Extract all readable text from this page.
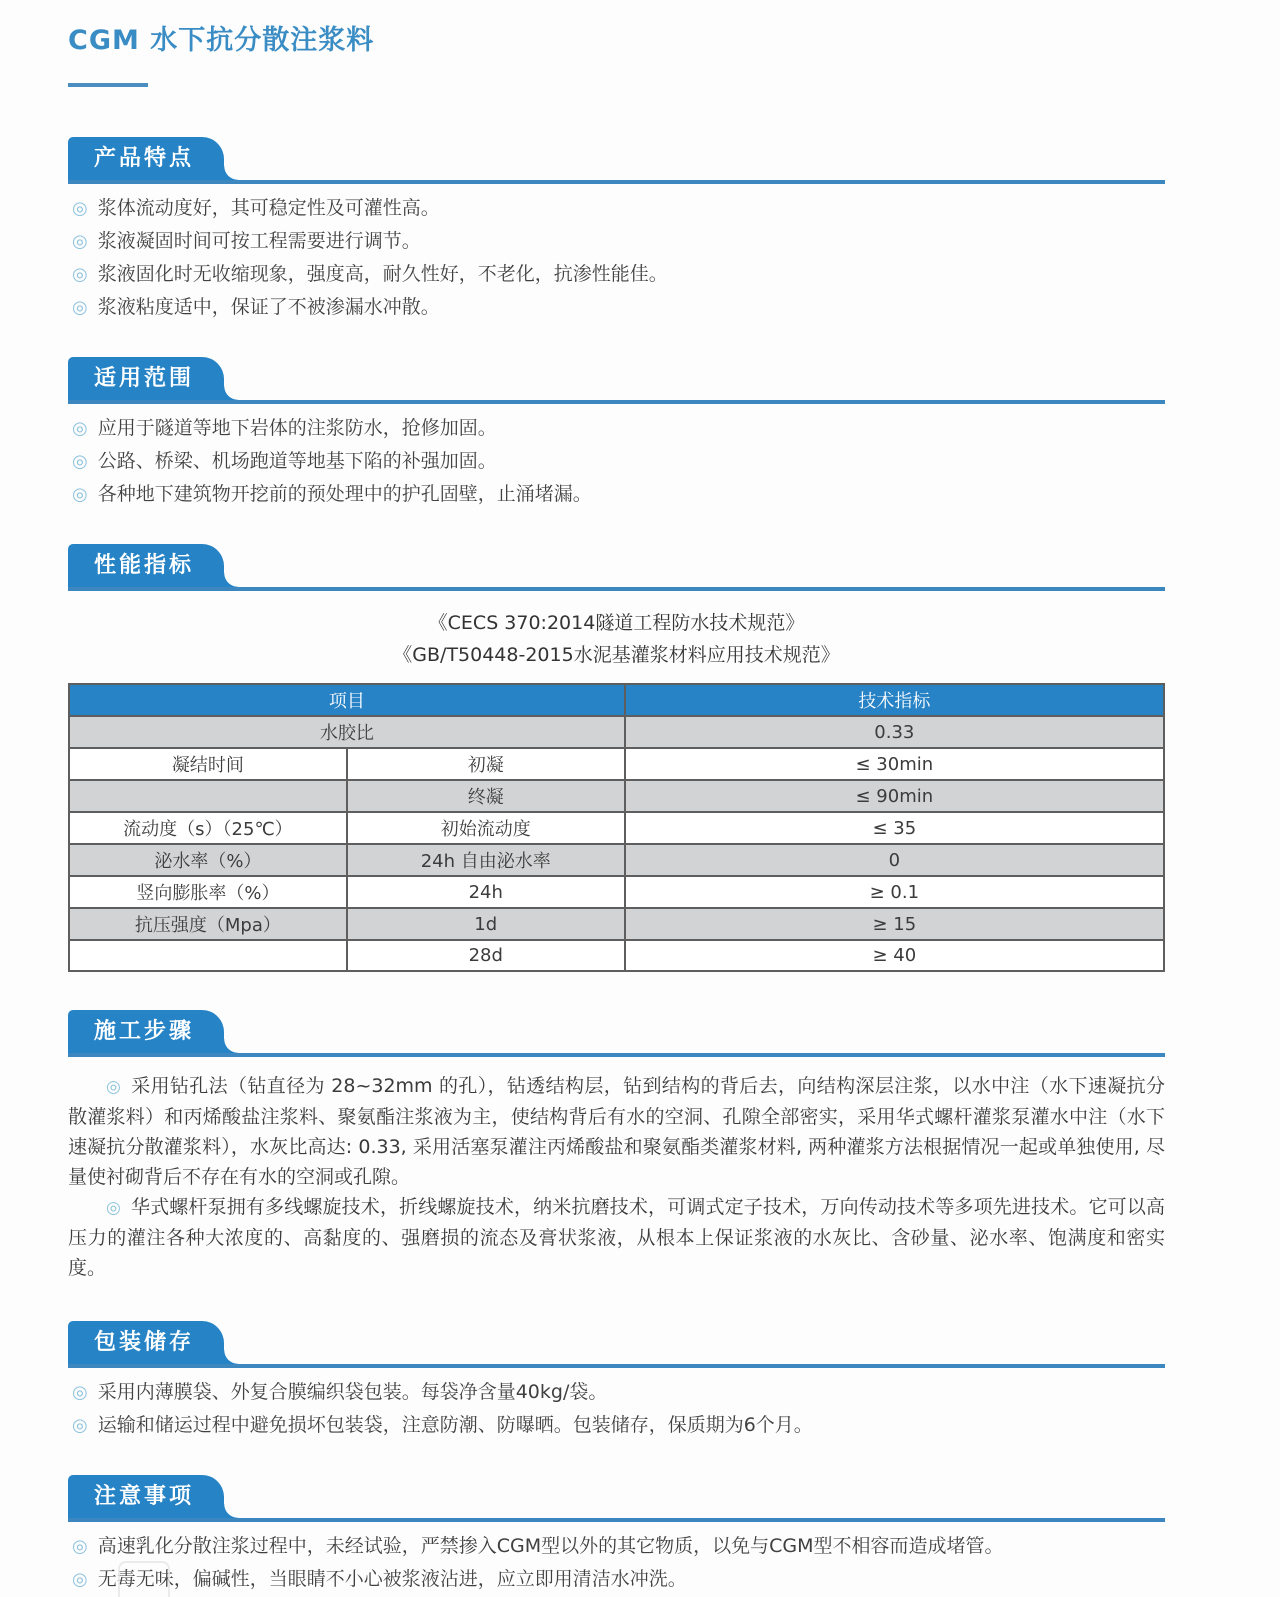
CGM 水下抗分散注浆料
产品特点
◎ 浆体流动度好，其可稳定性及可灌性高。
◎ 浆液凝固时间可按工程需要进行调节。
◎ 浆液固化时无收缩现象，强度高，耐久性好，不老化，抗渗性能佳。
◎ 浆液粘度适中，保证了不被渗漏水冲散。
适用范围
◎ 应用于隧道等地下岩体的注浆防水，抢修加固。
◎ 公路、桥梁、机场跑道等地基下陷的补强加固。
◎ 各种地下建筑物开挖前的预处理中的护孔固壁，止涌堵漏。
性能指标
《CECS 370:2014隧道工程防水技术规范》
《GB/T50448-2015水泥基灌浆材料应用技术规范》
项目		技术指标
水胶比		0.33
凝结时间	初凝	≤ 30min
	终凝	≤ 90min
流动度（s）（25℃）	初始流动度	≤ 35
泌水率（%）	24h 自由泌水率	0
竖向膨胀率（%）	24h	≥ 0.1
抗压强度（Mpa）	1d	≥ 15
	28d	≥ 40
施工步骤

◎ 采用钻孔法（钻直径为 28~32mm 的孔），钻透结构层，钻到结构的背后去，向结构深层注浆，以水中注（水下速凝抗分散灌浆料）和丙烯酸盐注浆料、聚氨酯注浆液为主，使结构背后有水的空洞、孔隙全部密实，采用华式螺杆灌浆泵灌水中注（水下速凝抗分散灌浆料），水灰比高达: 0.33, 采用活塞泵灌注丙烯酸盐和聚氨酯类灌浆材料, 两种灌浆方法根据情况一起或单独使用, 尽量使衬砌背后不存在有水的空洞或孔隙。

◎ 华式螺杆泵拥有多线螺旋技术，折线螺旋技术，纳米抗磨技术，可调式定子技术，万向传动技术等多项先进技术。它可以高压力的灌注各种大浓度的、高黏度的、强磨损的流态及膏状浆液，从根本上保证浆液的水灰比、含砂量、泌水率、饱满度和密实度。

包装储存
◎ 采用内薄膜袋、外复合膜编织袋包装。每袋净含量40kg/袋。
◎ 运输和储运过程中避免损坏包装袋，注意防潮、防曝晒。包装储存，保质期为6个月。
注意事项
◎ 高速乳化分散注浆过程中，未经试验，严禁掺入CGM型以外的其它物质，以免与CGM型不相容而造成堵管。
◎ 无毒无味，偏碱性，当眼睛不小心被浆液沾进，应立即用清洁水冲洗。
